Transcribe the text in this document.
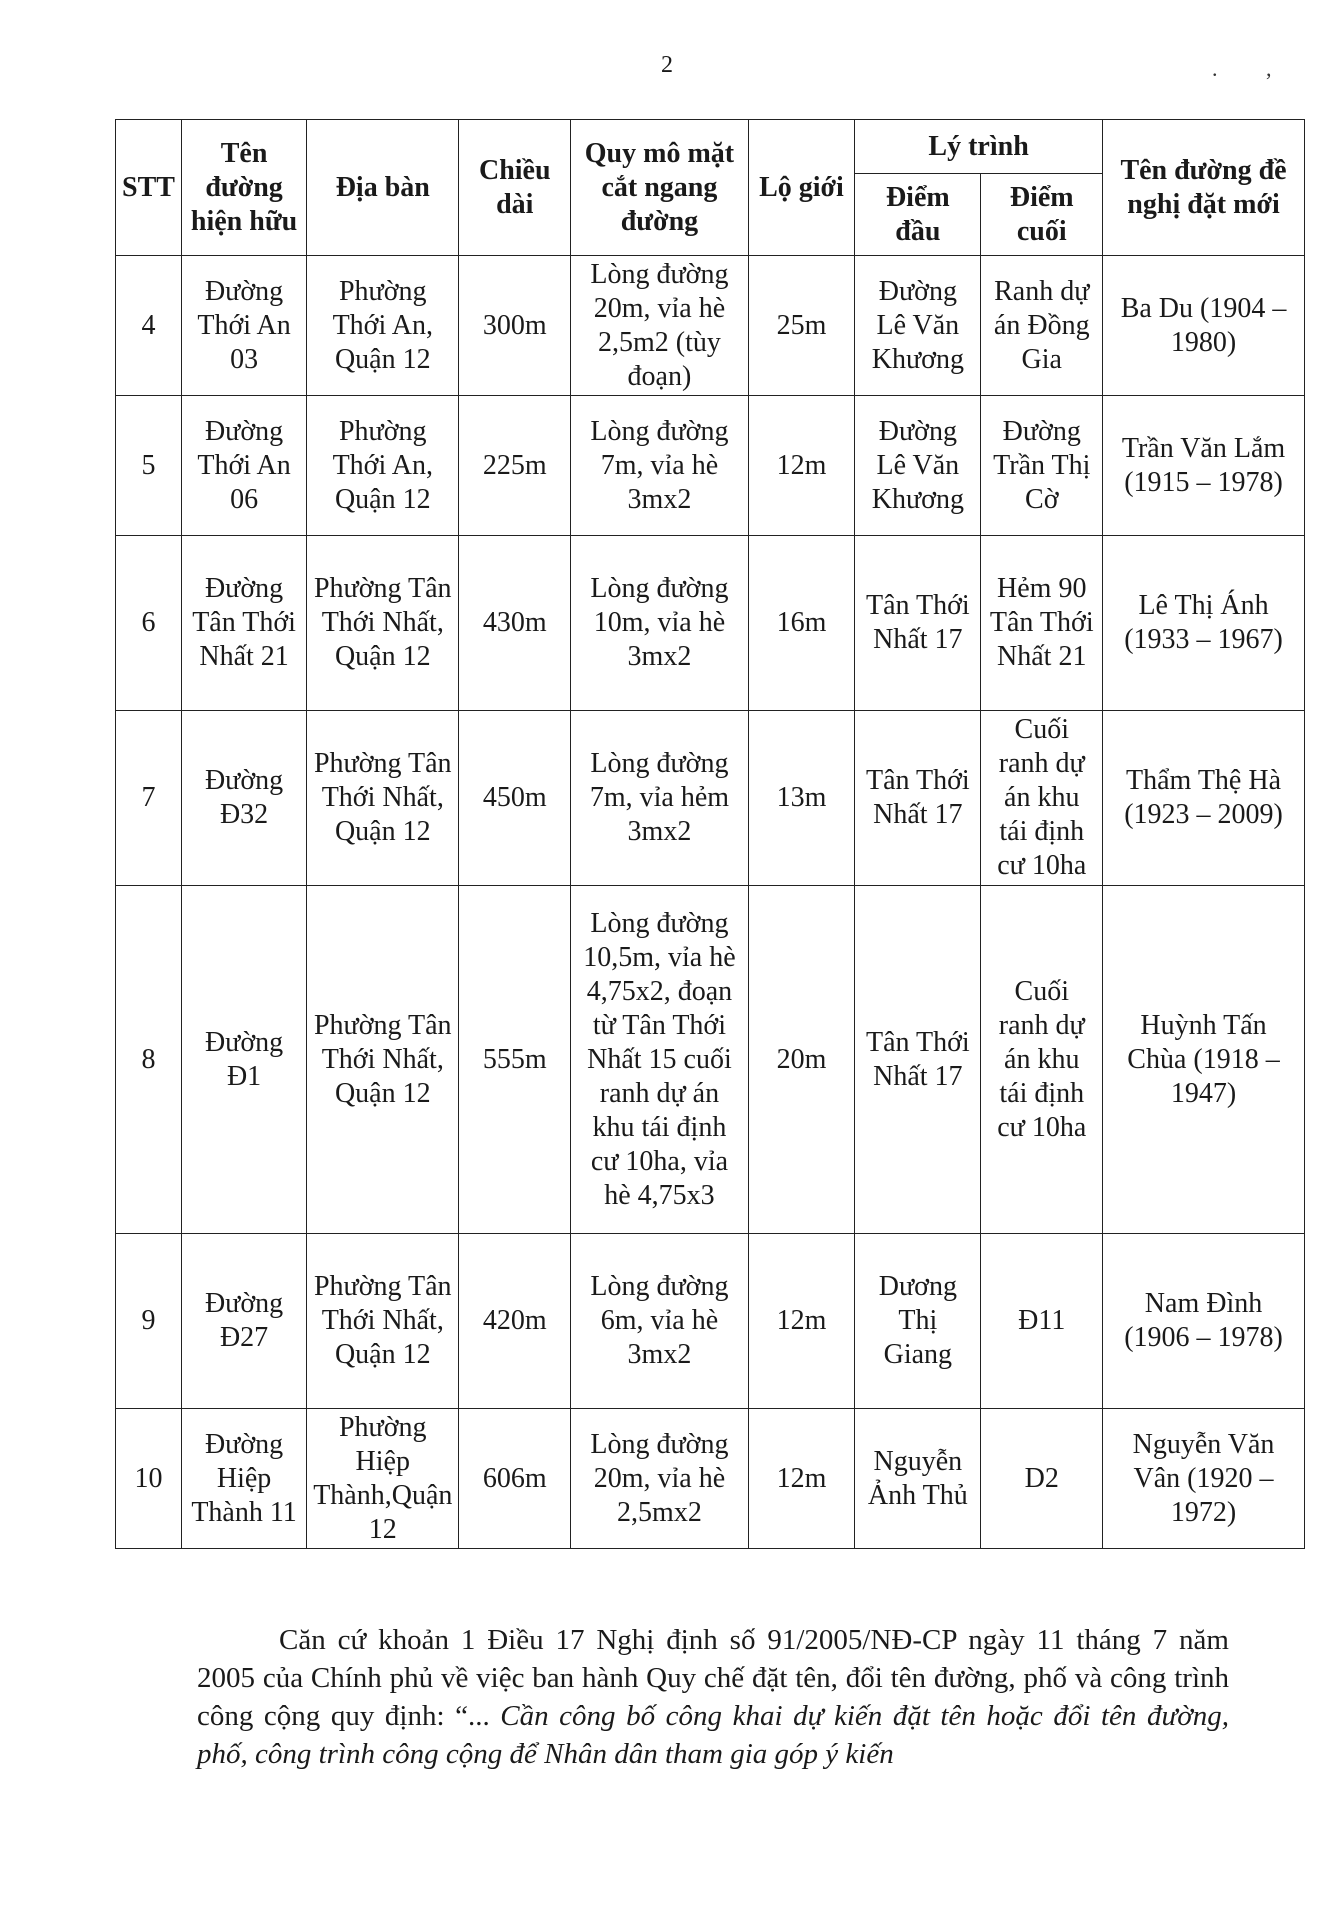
2	. ,
STT	Tên đường hiện hữu	Địa bàn	Chiều dài	Quy mô mặt cắt ngang đường	Lộ giới	Lý trình		Tên đường đề nghị đặt mới
						Điểm đầu	Điểm cuối	
4	Đường Thới An 03	Phường Thới An, Quận 12	300m	Lòng đường 20m, vỉa hè 2,5m2 (tùy đoạn)	25m	Đường Lê Văn Khương	Ranh dự án Đồng Gia	Ba Du (1904 – 1980)
5	Đường Thới An 06	Phường Thới An, Quận 12	225m	Lòng đường 7m, vỉa hè 3mx2	12m	Đường Lê Văn Khương	Đường Trần Thị Cờ	Trần Văn Lắm (1915 – 1978)
6	Đường Tân Thới Nhất 21	Phường Tân Thới Nhất, Quận 12	430m	Lòng đường 10m, vỉa hè 3mx2	16m	Tân Thới Nhất 17	Hẻm 90 Tân Thới Nhất 21	Lê Thị Ánh (1933 – 1967)
7	Đường Đ32	Phường Tân Thới Nhất, Quận 12	450m	Lòng đường 7m, vỉa hẻm 3mx2	13m	Tân Thới Nhất 17	Cuối ranh dự án khu tái định cư 10ha	Thẩm Thệ Hà (1923 – 2009)
8	Đường Đ1	Phường Tân Thới Nhất, Quận 12	555m	Lòng đường 10,5m, vỉa hè 4,75x2, đoạn từ Tân Thới Nhất 15 cuối ranh dự án khu tái định cư 10ha, vỉa hè 4,75x3	20m	Tân Thới Nhất 17	Cuối ranh dự án khu tái định cư 10ha	Huỳnh Tấn Chùa (1918 – 1947)
9	Đường Đ27	Phường Tân Thới Nhất, Quận 12	420m	Lòng đường 6m, vỉa hè 3mx2	12m	Dương Thị Giang	Đ11	Nam Đình (1906 – 1978)
10	Đường Hiệp Thành 11	Phường Hiệp Thành,Quận 12	606m	Lòng đường 20m, vỉa hè 2,5mx2	12m	Nguyễn Ảnh Thủ	D2	Nguyễn Văn Vân (1920 – 1972)

Căn cứ khoản 1 Điều 17 Nghị định số 91/2005/NĐ-CP ngày 11 tháng 7 năm 2005 của Chính phủ về việc ban hành Quy chế đặt tên, đổi tên đường, phố và công trình công cộng quy định: “... Cần công bố công khai dự kiến đặt tên hoặc đổi tên đường, phố, công trình công cộng để Nhân dân tham gia góp ý kiến
